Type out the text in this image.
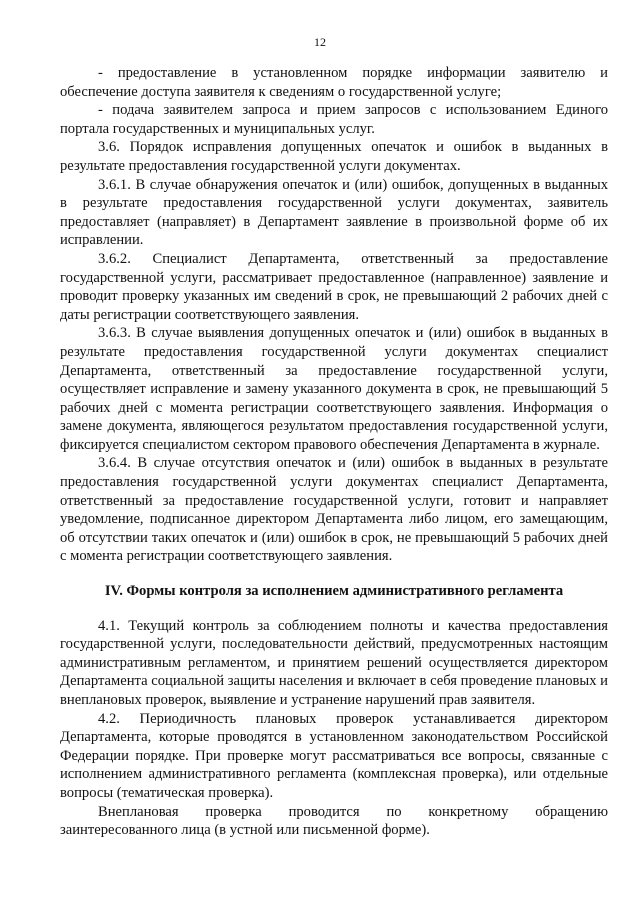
12

- предоставление в установленном порядке информации заявителю и обеспечение доступа заявителя к сведениям о государственной услуге;

- подача заявителем запроса и прием запросов с использованием Единого портала государственных и муниципальных услуг.

3.6. Порядок исправления допущенных опечаток и ошибок в выданных в результате предоставления государственной услуги документах.

3.6.1. В случае обнаружения опечаток и (или) ошибок, допущенных в выданных в результате предоставления государственной услуги документах, заявитель предоставляет (направляет) в Департамент заявление в произвольной форме об их исправлении.

3.6.2. Специалист Департамента, ответственный за предоставление государственной услуги, рассматривает предоставленное (направленное) заявление и проводит проверку указанных им сведений в срок, не превышающий 2 рабочих дней с даты регистрации соответствующего заявления.

3.6.3. В случае выявления допущенных опечаток и (или) ошибок в выданных в результате предоставления государственной услуги документах специалист Департамента, ответственный за предоставление государственной услуги, осуществляет исправление и замену указанного документа в срок, не превышающий 5 рабочих дней с момента регистрации соответствующего заявления. Информация о замене документа, являющегося результатом предоставления государственной услуги, фиксируется специалистом сектором правового обеспечения Департамента в журнале.

3.6.4. В случае отсутствия опечаток и (или) ошибок в выданных в результате предоставления государственной услуги документах специалист Департамента, ответственный за предоставление государственной услуги, готовит и направляет уведомление, подписанное директором Департамента либо лицом, его замещающим, об отсутствии таких опечаток и (или) ошибок в срок, не превышающий 5 рабочих дней с момента регистрации соответствующего заявления.

IV. Формы контроля за исполнением административного регламента

4.1. Текущий контроль за соблюдением полноты и качества предоставления государственной услуги, последовательности действий, предусмотренных настоящим административным регламентом, и принятием решений осуществляется директором Департамента социальной защиты населения и включает в себя проведение плановых и внеплановых проверок, выявление и устранение нарушений прав заявителя.

4.2. Периодичность плановых проверок устанавливается директором Департамента, которые проводятся в установленном законодательством Российской Федерации порядке. При проверке могут рассматриваться все вопросы, связанные с исполнением административного регламента (комплексная проверка), или отдельные вопросы (тематическая проверка).

Внеплановая проверка проводится по конкретному обращению заинтересованного лица (в устной или письменной форме).
